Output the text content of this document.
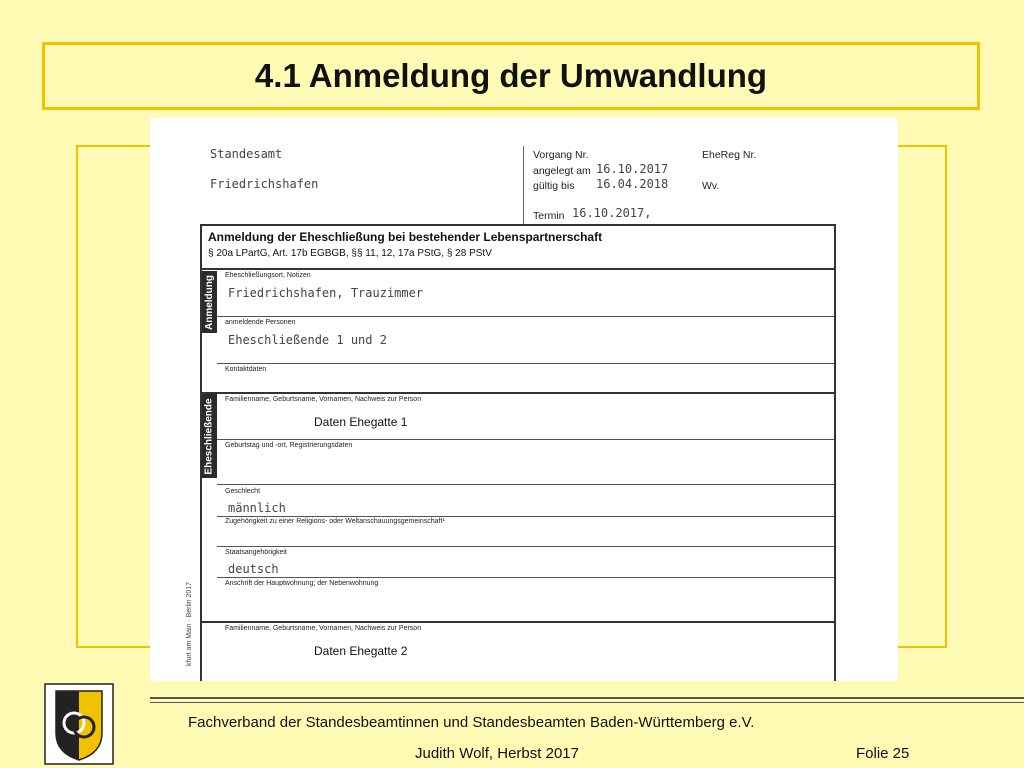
4.1 Anmeldung der Umwandlung
Standesamt
Friedrichshafen
Vorgang Nr.
angelegt am 16.10.2017
gültig bis 16.04.2018
Termin 16.10.2017,
EheReg Nr.
Wv.
kfurt am Main · Berlin 2017
Anmeldung der Eheschließung bei bestehender Lebenspartnerschaft
§ 20a LPartG, Art. 17b EGBGB, §§ 11, 12, 17a PStG, § 28 PStV
Anmeldung
Eheschließende
Eheschließungsort, Notizen
Friedrichshafen, Trauzimmer
anmeldende Personen
Eheschließende 1 und 2
Kontaktdaten
Familienname, Geburtsname, Vornamen, Nachweis zur Person
Daten Ehegatte 1
Geburtstag und -ort, Registrierungsdaten
Geschlecht
männlich
Zugehörigkeit zu einer Religions- oder Weltanschauungsgemeinschaft¹
Staatsangehörigkeit
deutsch
Anschrift der Hauptwohnung; der Nebenwohnung
Familienname, Geburtsname, Vornamen, Nachweis zur Person
Daten Ehegatte 2
Fachverband der Standesbeamtinnen und Standesbeamten Baden-Württemberg e.V.
Judith Wolf, Herbst 2017	Folie 25
